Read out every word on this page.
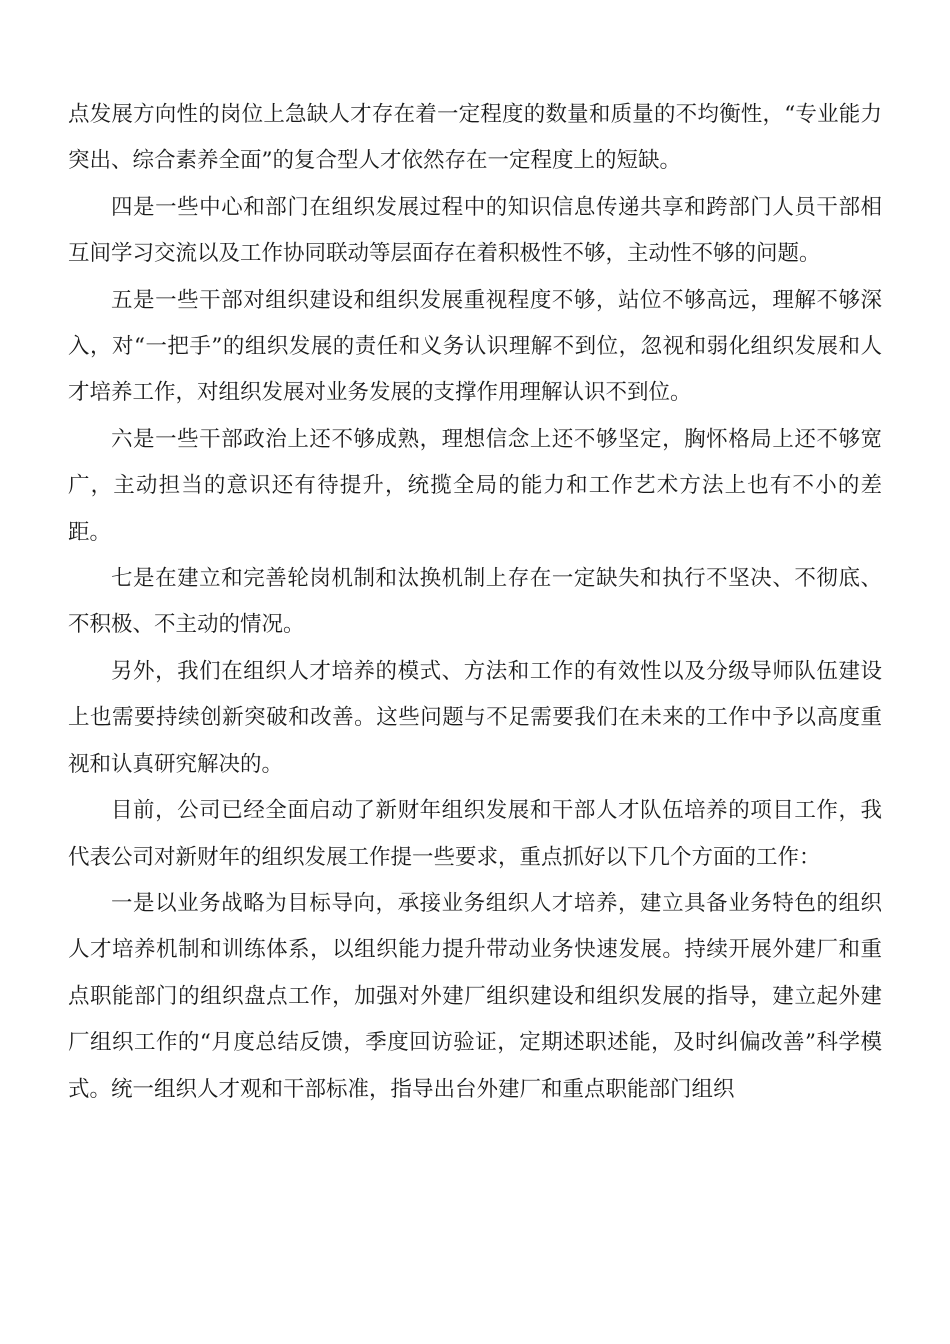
点发展方向性的岗位上急缺人才存在着一定程度的数量和质量的不均衡性，“专业能力突出、综合素养全面”的复合型人才依然存在一定程度上的短缺。

四是一些中心和部门在组织发展过程中的知识信息传递共享和跨部门人员干部相互间学习交流以及工作协同联动等层面存在着积极性不够，主动性不够的问题。

五是一些干部对组织建设和组织发展重视程度不够，站位不够高远，理解不够深入，对“一把手”的组织发展的责任和义务认识理解不到位，忽视和弱化组织发展和人才培养工作，对组织发展对业务发展的支撑作用理解认识不到位。

六是一些干部政治上还不够成熟，理想信念上还不够坚定，胸怀格局上还不够宽广，主动担当的意识还有待提升，统揽全局的能力和工作艺术方法上也有不小的差距。

七是在建立和完善轮岗机制和汰换机制上存在一定缺失和执行不坚决、不彻底、不积极、不主动的情况。

另外，我们在组织人才培养的模式、方法和工作的有效性以及分级导师队伍建设上也需要持续创新突破和改善。这些问题与不足需要我们在未来的工作中予以高度重视和认真研究解决的。

目前，公司已经全面启动了新财年组织发展和干部人才队伍培养的项目工作，我代表公司对新财年的组织发展工作提一些要求，重点抓好以下几个方面的工作：

一是以业务战略为目标导向，承接业务组织人才培养，建立具备业务特色的组织人才培养机制和训练体系，以组织能力提升带动业务快速发展。持续开展外建厂和重点职能部门的组织盘点工作，加强对外建厂组织建设和组织发展的指导，建立起外建厂组织工作的“月度总结反馈，季度回访验证，定期述职述能，及时纠偏改善”科学模式。统一组织人才观和干部标准，指导出台外建厂和重点职能部门组织
